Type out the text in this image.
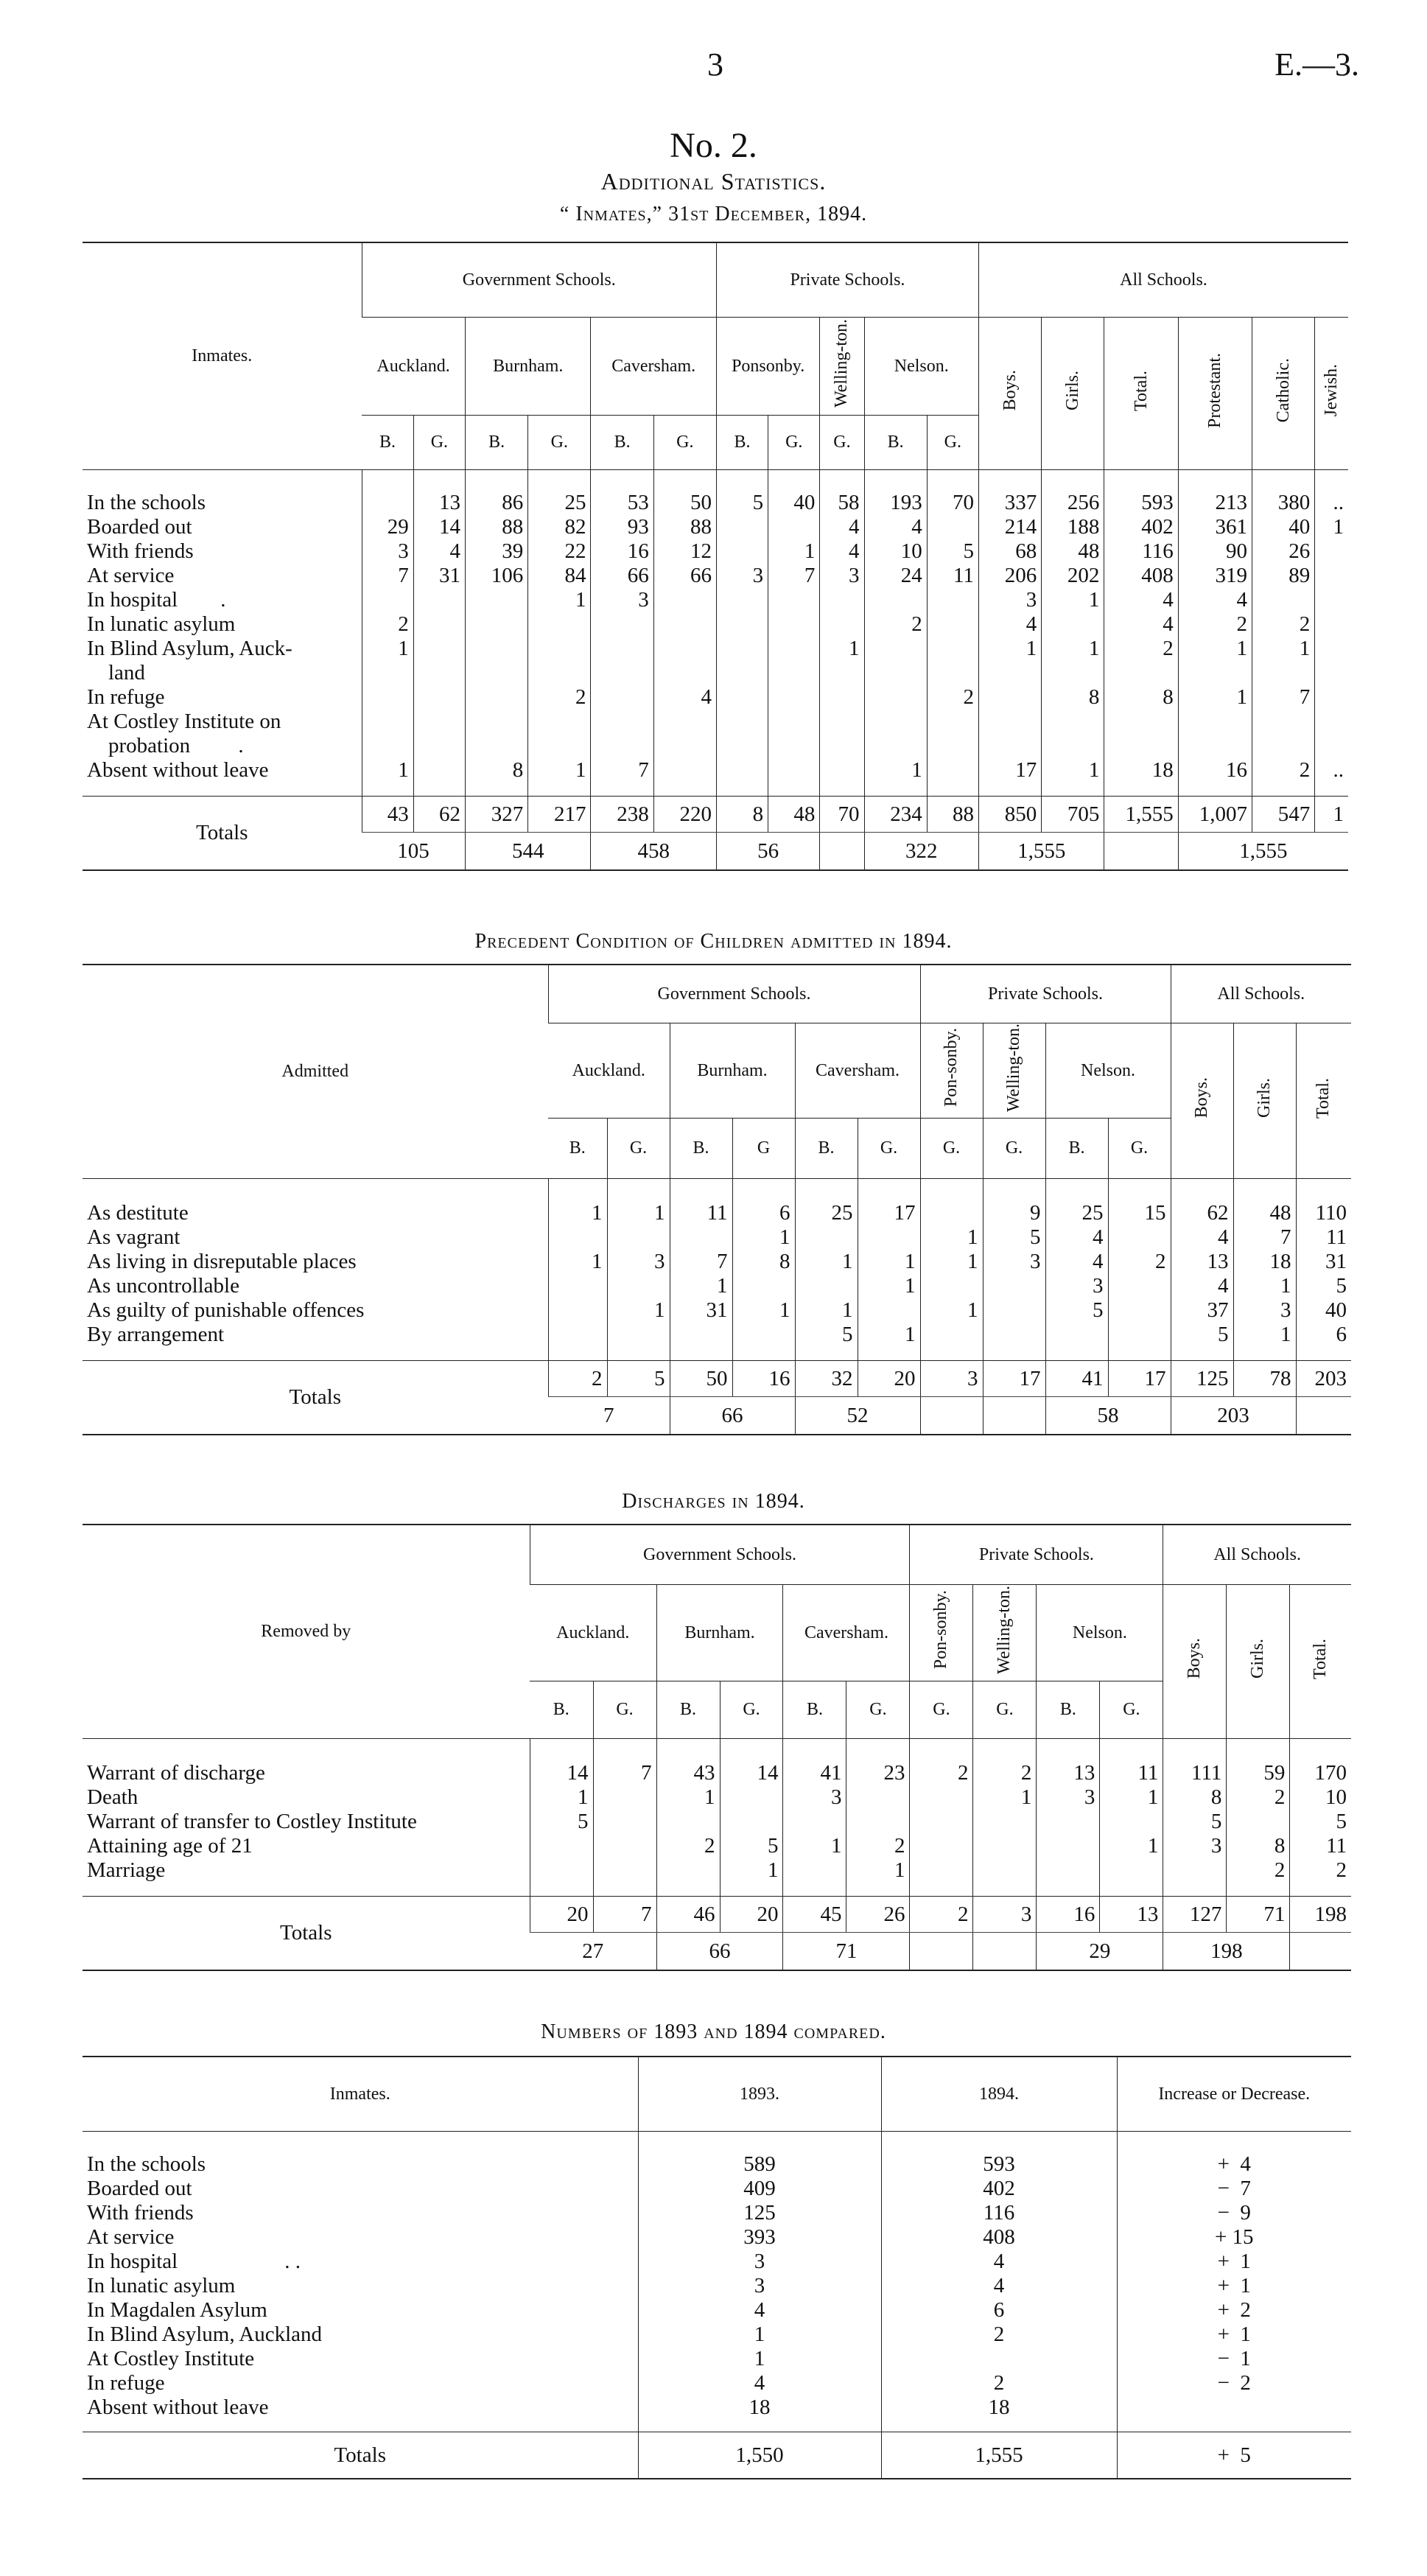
3	E.—3.
No. 2.
Additional Statistics.
“ Inmates,” 31st December, 1894.
Inmates.	Government Schools.						Private Schools.					All Schools.					
	Auckland.		Burnham.		Caversham.		Ponsonby.		Welling-ton.	Nelson.		Boys.	Girls.	Total.	Protestant.	Catholic.	Jewish.
	B.	G.	B.	G.	B.	G.	B.	G.	G.	B.	G.						

In the schools		13	86	25	53	50	5	40	58	193	70	337	256	593	213	380	..
Boarded out	29	14	88	82	93	88			4	4		214	188	402	361	40	1
With friends	3	4	39	22	16	12		1	4	10	5	68	48	116	90	26	
At service	7	31	106	84	66	66	3	7	3	24	11	206	202	408	319	89	
In hospital        .				1	3							3	1	4	4		
In lunatic asylum	2									2		4		4	2	2	
In Blind Asylum, Auck-
land	1								1			1	1	2	1	1	
In refuge				2		4					2		8	8	1	7	
At Costley Institute on
probation         .																	
Absent without leave	1		8	1	7					1		17	1	18	16	2	..

Totals	43	62	327	217	238	220	8	48	70	234	88	850	705	1,555	1,007	547	1
	105		544		458		56			322		1,555			1,555		
Precedent Condition of Children admitted in 1894.
Admitted	Government Schools.						Private Schools.				All Schools.		
	Auckland.		Burnham.		Caversham.		Pon-sonby.	Welling-ton.	Nelson.		Boys.	Girls.	Total.
	B.	G.	B.	G	B.	G.	G.	G.	B.	G.			

As destitute	1	1	11	6	25	17		9	25	15	62	48	110
As vagrant				1			1	5	4		4	7	11
As living in disreputable places	1	3	7	8	1	1	1	3	4	2	13	18	31
As uncontrollable			1			1			3		4	1	5
As guilty of punishable offences		1	31	1	1		1		5		37	3	40
By arrangement					5	1					5	1	6

Totals	2	5	50	16	32	20	3	17	41	17	125	78	203
	7		66		52				58		203		
Discharges in 1894.
Removed by	Government Schools.						Private Schools.				All Schools.		
	Auckland.		Burnham.		Caversham.		Pon-sonby.	Welling-ton.	Nelson.		Boys.	Girls.	Total.
	B.	G.	B.	G.	B.	G.	G.	G.	B.	G.			

Warrant of discharge	14	7	43	14	41	23	2	2	13	11	111	59	170
Death	1		1		3			1	3	1	8	2	10
Warrant of transfer to Costley Institute	5										5		5
Attaining age of 21			2	5	1	2				1	3	8	11
Marriage				1		1						2	2

Totals	20	7	46	20	45	26	2	3	16	13	127	71	198
	27		66		71				29		198		
Numbers of 1893 and 1894 compared.
Inmates.	1893.	1894.	Increase or Decrease.

In the schools	589	593	+  4
Boarded out	409	402	−  7
With friends	125	116	−  9
At service	393	408	+ 15
In hospital                    . .	3	4	+  1
In lunatic asylum	3	4	+  1
In Magdalen Asylum	4	6	+  2
In Blind Asylum, Auckland	1	2	+  1
At Costley Institute	1		−  1
In refuge	4	2	−  2
Absent without leave	18	18	

Totals	1,550	1,555	+  5
